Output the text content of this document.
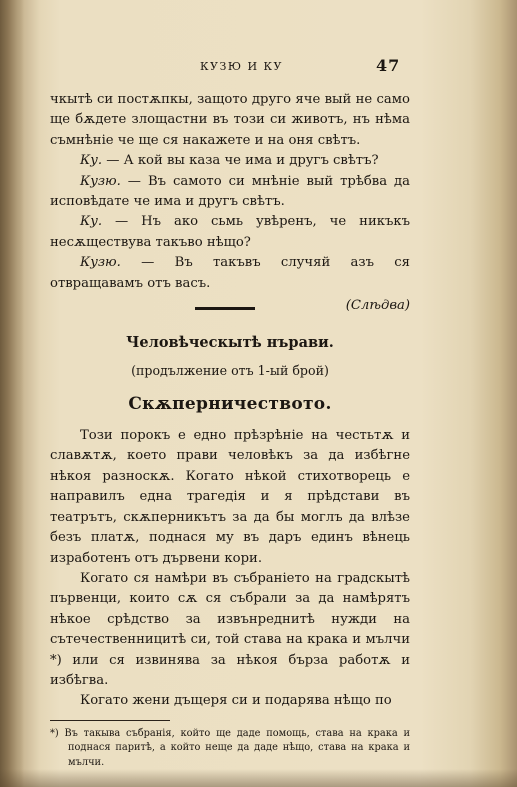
КУЗЮ И КУ	47

чкытѣ си постѫпкы, защото друго яче вый не само ще бѫдете злощастни въ този си животъ, нъ нѣма съмнѣніе че ще ся накажете и на оня свѣтъ.

Ку. — А кой вы каза че има и другъ свѣтъ?

Кузю. — Въ самото си мнѣніе вый трѣбва да исповѣдате че има и другъ свѣтъ.

Ку. — Нъ ако сьмь увѣренъ, че никъкъ несѫществува такъво нѣщо?

Кузю. — Въ такъвъ случяй азъ ся отвращавамъ отъ васъ.

(Слѣдва)
Человѣческытѣ нърави.
(продължение отъ 1-ый брой)
Скѫперничеството.

Този порокъ е едно прѣзрѣніе на честьтѫ и славѫтѫ, което прави человѣкъ за да избѣгне нѣкоя разноскѫ. Когато нѣкой стихотворець е направилъ една трагедія и я прѣдстави въ театрътъ, скѫперникътъ за да бы моглъ да влѣзе безъ платѫ, поднася му въ даръ единъ вѣнець изработенъ отъ дървени кори.

Когато ся намѣри въ събраніето на градскытѣ първенци, които сѫ ся събрали за да намѣрятъ нѣкое срѣдство за извънреднитѣ нужди на сътечественницитѣ си, той става на крака и мълчи *) или ся извинява за нѣкоя бърза работѫ и избѣгва.

Когато жени дъщеря си и подарява нѣщо по

*) Въ такыва събранія, който ще даде помощь, става на крака и поднася паритѣ, а който неще да даде нѣщо, става на крака и мълчи.
